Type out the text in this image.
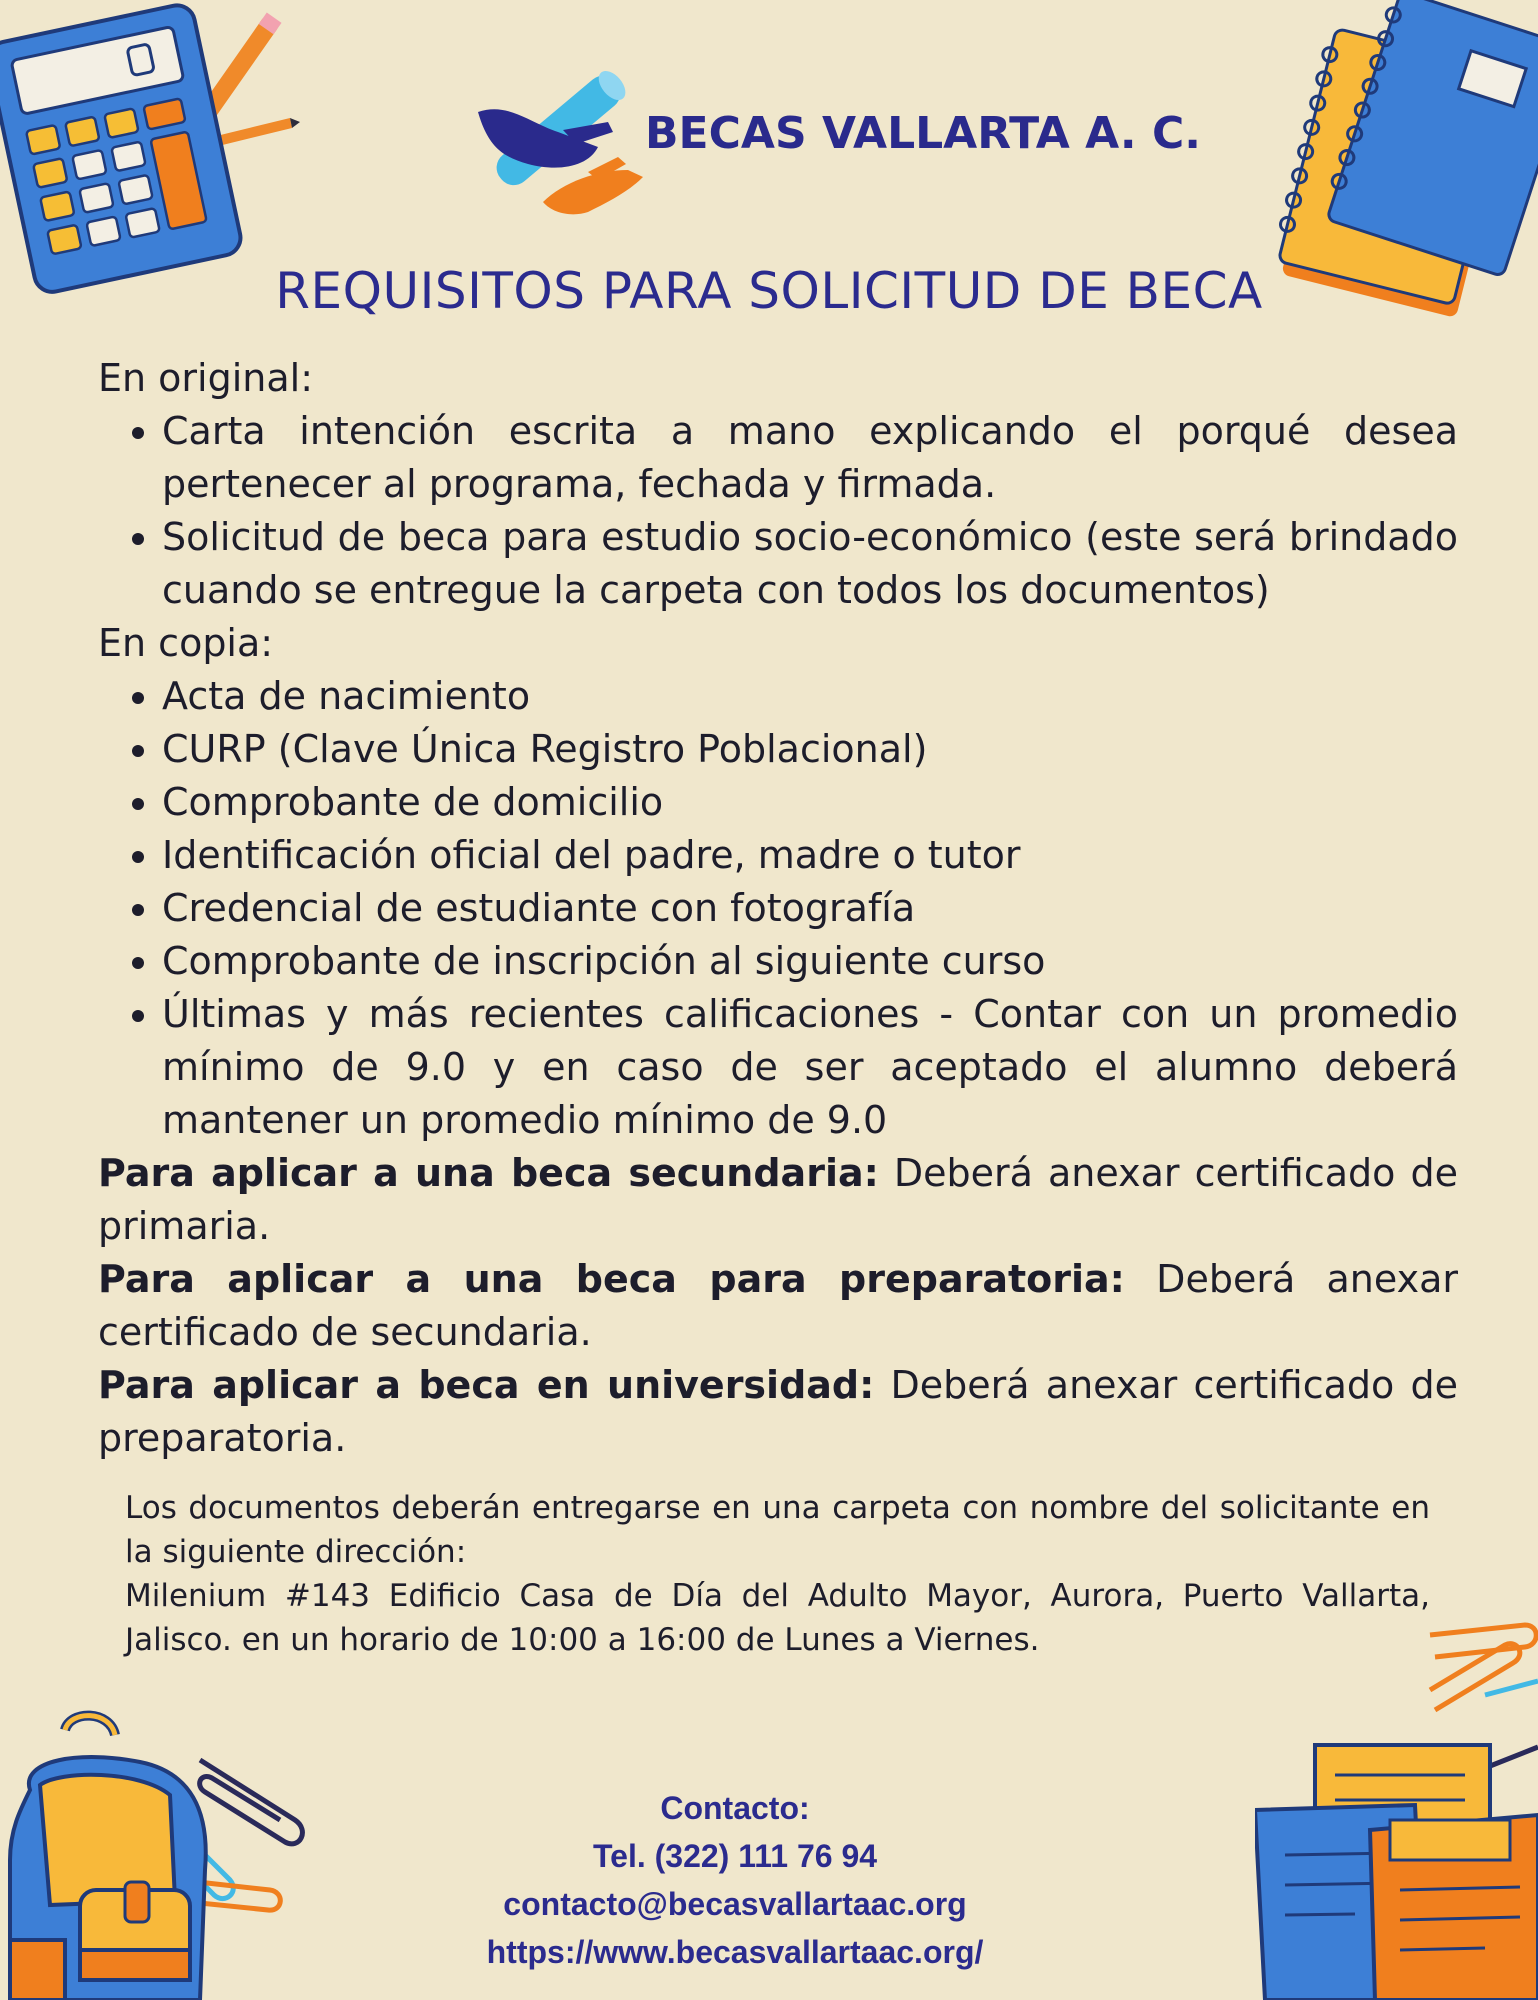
BECAS VALLARTA A. C.
REQUISITOS PARA SOLICITUD DE BECA

En original:

• Carta intención escrita a mano explicando el porqué desea pertenecer al programa, fechada y firmada.
• Solicitud de beca para estudio socio-económico (este será brindado cuando se entregue la carpeta con todos los documentos)

En copia:

• Acta de nacimiento
• CURP (Clave Única Registro Poblacional)
• Comprobante de domicilio
• Identificación oficial del padre, madre o tutor
• Credencial de estudiante con fotografía
• Comprobante de inscripción al siguiente curso
• Últimas y más recientes calificaciones - Contar con un promedio mínimo de 9.0 y en caso de ser aceptado el alumno deberá mantener un promedio mínimo de 9.0

Para aplicar a una beca secundaria: Deberá anexar certificado de primaria.

Para aplicar a una beca para preparatoria: Deberá anexar certificado de secundaria.

Para aplicar a beca en universidad: Deberá anexar certificado de preparatoria.

Los documentos deberán entregarse en una carpeta con nombre del solicitante en la siguiente dirección:

Milenium #143 Edificio Casa de Día del Adulto Mayor, Aurora, Puerto Vallarta, Jalisco. en un horario de 10:00 a 16:00 de Lunes a Viernes.

Contacto:
Tel. (322) 111 76 94
contacto@becasvallartaac.org
https://www.becasvallartaac.org/
